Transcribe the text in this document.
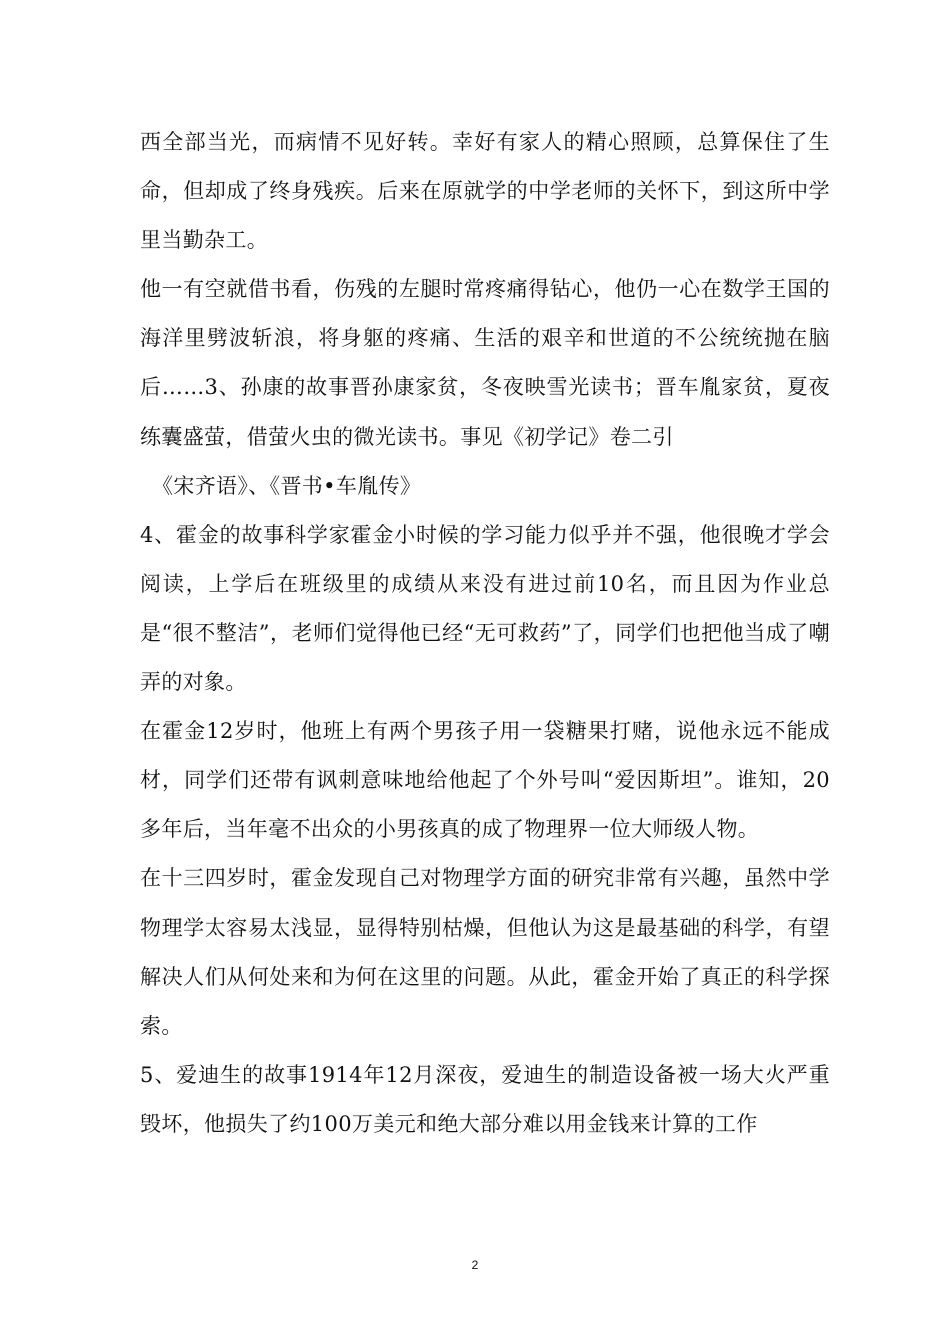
西全部当光，而病情不见好转。幸好有家人的精心照顾，总算保住了生命，但却成了终身残疾。后来在原就学的中学老师的关怀下，到这所中学里当勤杂工。

他一有空就借书看，伤残的左腿时常疼痛得钻心，他仍一心在数学王国的海洋里劈波斩浪，将身躯的疼痛、生活的艰辛和世道的不公统统抛在脑后……3、孙康的故事晋孙康家贫，冬夜映雪光读书；晋车胤家贫，夏夜练囊盛萤，借萤火虫的微光读书。事见《初学记》卷二引

《宋齐语》、《晋书•车胤传》

4、霍金的故事科学家霍金小时候的学习能力似乎并不强，他很晚才学会阅读，上学后在班级里的成绩从来没有进过前10名，而且因为作业总是“很不整洁”，老师们觉得他已经“无可救药”了，同学们也把他当成了嘲弄的对象。

在霍金12岁时，他班上有两个男孩子用一袋糖果打赌，说他永远不能成材，同学们还带有讽刺意味地给他起了个外号叫“爱因斯坦”。谁知，20多年后，当年毫不出众的小男孩真的成了物理界一位大师级人物。

在十三四岁时，霍金发现自己对物理学方面的研究非常有兴趣，虽然中学物理学太容易太浅显，显得特别枯燥，但他认为这是最基础的科学，有望解决人们从何处来和为何在这里的问题。从此，霍金开始了真正的科学探索。

5、爱迪生的故事1914年12月深夜，爱迪生的制造设备被一场大火严重毁坏，他损失了约100万美元和绝大部分难以用金钱来计算的工作

2
